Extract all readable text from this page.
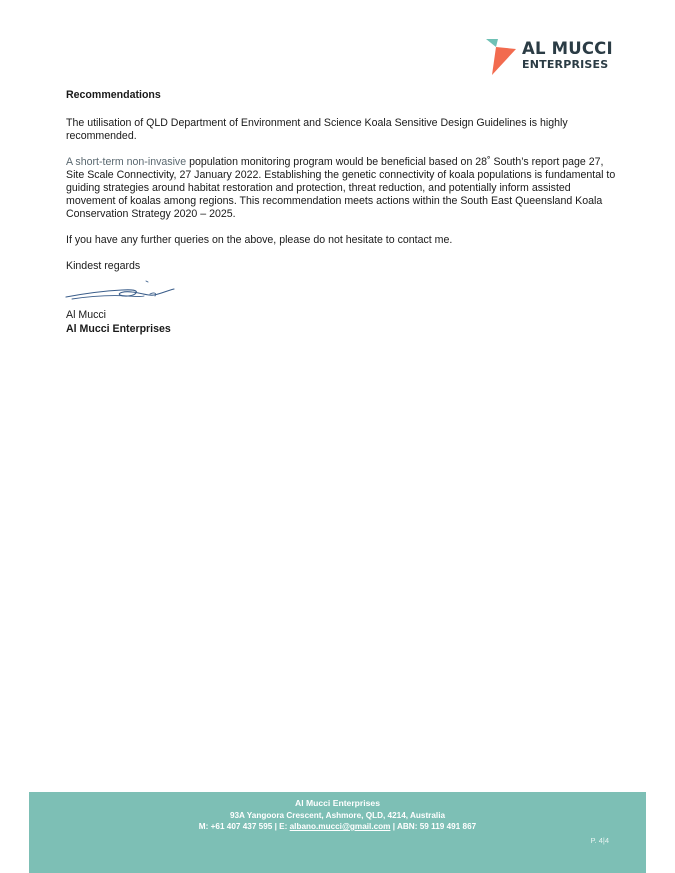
AL MUCCI
ENTERPRISES
Recommendations

The utilisation of QLD Department of Environment and Science Koala Sensitive Design Guidelines is highly recommended.

A short-term non-invasive population monitoring program would be beneficial based on 28˚ South’s report page 27, Site Scale Connectivity, 27 January 2022. Establishing the genetic connectivity of koala populations is fundamental to guiding strategies around habitat restoration and protection, threat reduction, and potentially inform assisted movement of koalas among regions. This recommendation meets actions within the South East Queensland Koala Conservation Strategy 2020 – 2025.

If you have any further queries on the above, please do not hesitate to contact me.

Kindest regards

Al Mucci

Al Mucci Enterprises

Al Mucci Enterprises
93A Yangoora Crescent, Ashmore, QLD, 4214, Australia
M: +61 407 437 595 | E: albano.mucci@gmail.com | ABN: 59 119 491 867
P. 4|4
